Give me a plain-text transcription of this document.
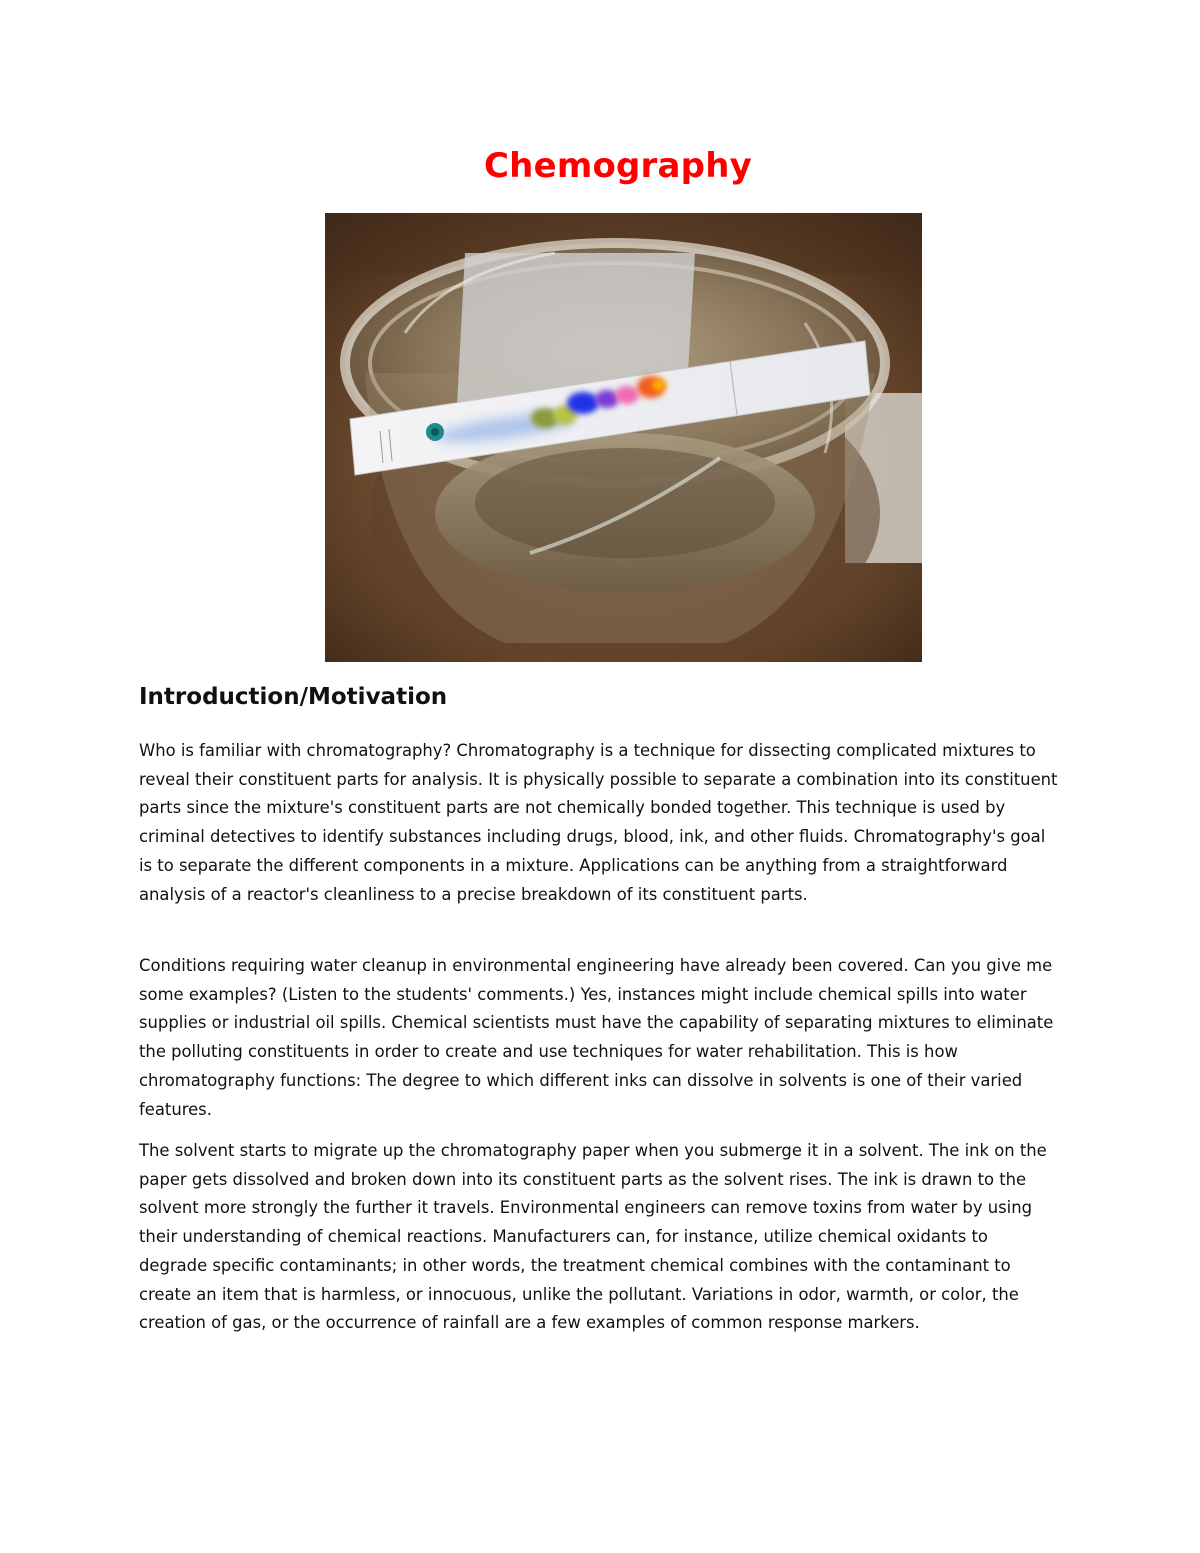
Chemography
Introduction/Motivation

Who is familiar with chromatography? Chromatography is a technique for dissecting complicated mixtures to reveal their constituent parts for analysis. It is physically possible to separate a combination into its constituent parts since the mixture's constituent parts are not chemically bonded together. This technique is used by criminal detectives to identify substances including drugs, blood, ink, and other fluids. Chromatography's goal is to separate the different components in a mixture. Applications can be anything from a straightforward analysis of a reactor's cleanliness to a precise breakdown of its constituent parts.

Conditions requiring water cleanup in environmental engineering have already been covered. Can you give me some examples? (Listen to the students' comments.) Yes, instances might include chemical spills into water supplies or industrial oil spills. Chemical scientists must have the capability of separating mixtures to eliminate the polluting constituents in order to create and use techniques for water rehabilitation. This is how chromatography functions: The degree to which different inks can dissolve in solvents is one of their varied features.

The solvent starts to migrate up the chromatography paper when you submerge it in a solvent. The ink on the paper gets dissolved and broken down into its constituent parts as the solvent rises. The ink is drawn to the solvent more strongly the further it travels. Environmental engineers can remove toxins from water by using their understanding of chemical reactions. Manufacturers can, for instance, utilize chemical oxidants to degrade specific contaminants; in other words, the treatment chemical combines with the contaminant to create an item that is harmless, or innocuous, unlike the pollutant. Variations in odor, warmth, or color, the creation of gas, or the occurrence of rainfall are a few examples of common response markers.
